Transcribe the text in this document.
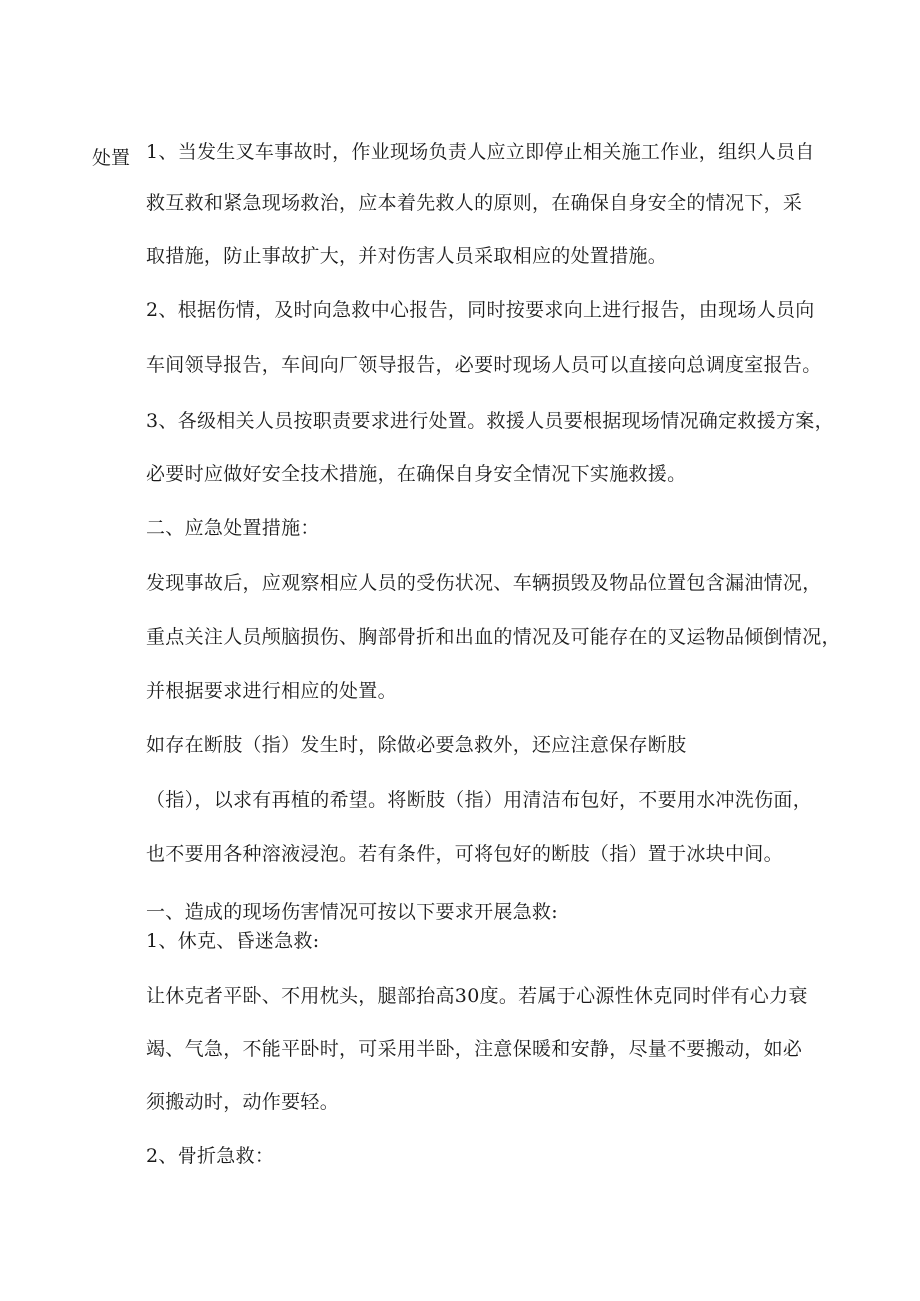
处置 1、当发生叉车事故时，作业现场负责人应立即停止相关施工作业，组织人员自
救互救和紧急现场救治，应本着先救人的原则，在确保自身安全的情况下，采
取措施，防止事故扩大，并对伤害人员采取相应的处置措施。
2、根据伤情，及时向急救中心报告，同时按要求向上进行报告，由现场人员向
车间领导报告，车间向厂领导报告，必要时现场人员可以直接向总调度室报告。
3、各级相关人员按职责要求进行处置。救援人员要根据现场情况确定救援方案，
必要时应做好安全技术措施，在确保自身安全情况下实施救援。
二、应急处置措施：
发现事故后，应观察相应人员的受伤状况、车辆损毁及物品位置包含漏油情况，
重点关注人员颅脑损伤、胸部骨折和出血的情况及可能存在的叉运物品倾倒情况，
并根据要求进行相应的处置。
如存在断肢（指）发生时，除做必要急救外，还应注意保存断肢
（指），以求有再植的希望。将断肢（指）用清洁布包好，不要用水冲洗伤面，
也不要用各种溶液浸泡。若有条件，可将包好的断肢（指）置于冰块中间。
一、造成的现场伤害情况可按以下要求开展急救:
1、休克、昏迷急救:
让休克者平卧、不用枕头，腿部抬高30度。若属于心源性休克同时伴有心力衰
竭、气急，不能平卧时，可采用半卧，注意保暖和安静，尽量不要搬动，如必
须搬动时，动作要轻。
2、骨折急救：
